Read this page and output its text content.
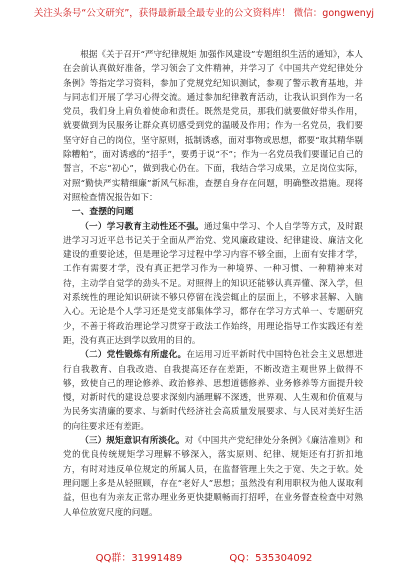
关注头条号“公文研究”，获得最新最全最专业的公文资料库！ 微信：gongwenyj

根据《关于召开“严守纪律规矩 加强作风建设”专题组织生活的通知》，本人在会前认真做好准备，学习领会了文件精神，并学习了《中国共产党纪律处分条例》等指定学习资料，参加了党规党纪知识测试，参观了警示教育基地，并与同志们开展了学习心得交流。通过参加纪律教育活动，让我认识到作为一名党员，我们身上肩负着使命和责任。既然是党员，那我们就要做好带头作用，就要做到为民服务让群众真切感受到党的温暖及作用；作为一名党员，我们要坚守好自己的岗位，坚守原则，抵制诱惑，面对事物或思想，都要“取其精华剔除糟粕”，面对诱惑的“招手”，要勇于说“不”；作为一名党员我们要谨记自己的誓言，不忘“初心”，做到我心仍在。下面，我结合学习成果，立足岗位实际，对照“勤快严实精细廉”新风气标准，查摆自身存在问题，明确整改措施。现将对照检查情况报告如下：

一、查摆的问题

（一）学习教育主动性还不强。通过集中学习、个人自学等方式，及时跟进学习习近平总书记关于全面从严治党、党风廉政建设、纪律建设、廉洁文化建设的重要论述，但是理论学习过程中学习内容不够全面，上面有安排才学，工作有需要才学，没有真正把学习作为一种境界、一种习惯、一种精神来对待，主动学自觉学的劲头不足。对照得上的知识还能够认真弄懂、深入学，但对系统性的理论知识研读不够只停留在浅尝辄止的层面上，不够求甚解、入脑入心。无论是个人学习还是党支部集体学习，都存在学习方式单一、专题研究少，不善于将政治理论学习贯穿于政法工作始终，用理论指导工作实践还有差距，没有真正达到学以致用的目的。

（二）党性锻炼有所虚化。在运用习近平新时代中国特色社会主义思想进行自我教育、自我改造、自我提高还存在差距，不断改造主观世界上做得不够，致使自己的理论修养、政治修养、思想道德修养、业务修养等方面提升较慢，对新时代的建设总要求深刻内涵理解不深透，世界观、人生观和价值观与为民务实清廉的要求、与新时代经济社会高质量发展要求、与人民对美好生活的向往要求还有差距。

（三）规矩意识有所淡化。对《中国共产党纪律处分条例》《廉洁准则》和党的优良传统规矩学习理解不够深入，落实原则、纪律、规矩还有打折扣地方，有时对违反单位规定的所属人员，在监督管理上失之于宽、失之于软。处理问题上多是从轻照顾，存在“老好人”思想；虽然没有利用职权为他人谋取利益，但也有为亲友正常办理业务更快捷顺畅而打招呼，在业务督查检查中对熟人单位放宽尺度的问题。

QQ群：31991489	QQ：535304092
